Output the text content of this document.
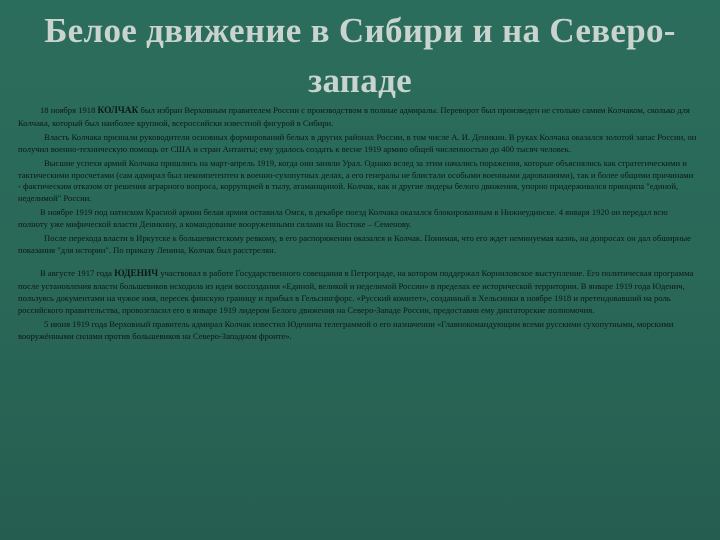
Белое движение в Сибири и на Северо-западе

18 ноября 1918 КОЛЧАК был избран Верховным правителем России с производством в полные адмиралы. Переворот был произведен не столько самим Колчаком, сколько для Колчака, который был наиболее крупной, всероссийски известной фигурой в Сибири.

Власть Колчака признали руководители основных формирований белых в других районах России, в том числе А. И. Деникин. В руках Колчака оказался золотой запас России, он получил военно-техническую помощь от США и стран Антанты; ему удалось создать к весне 1919 армию общей численностью до 400 тысяч человек.

Высшие успехи армий Колчака пришлись на март-апрель 1919, когда они заняли Урал. Однако вслед за этим начались поражения, которые объяснялись как стратегическими и тактическими просчетами (сам адмирал был некомпетентен в военно-сухопутных делах, а его генералы не блистали особыми военными дарованиями), так и более общими причинами - фактическим отказом от решения аграрного вопроса, коррупцией в тылу, атаманщиной. Колчак, как и другие лидеры белого движения, упорно придерживался принципа "единой, неделимой" России.

В ноябре 1919 под натиском Красной армии белая армия оставила Омск, в декабре поезд Колчака оказался блокированным в Нижнеудинске. 4 января 1920 он передал всю полноту уже мифической власти Деникину, а командование вооруженными силами на Востоке – Семенову.

После перехода власти в Иркутске к большевистскому ревкому, в его распоряжении оказался и Колчак. Понимая, что его ждет неминуемая казнь, на допросах он дал обширные показания "для истории". По приказу Ленина, Колчак был расстрелян.

В августе 1917 года ЮДЕНИЧ участвовал в работе Государственного совещания в Петрограде, на котором поддержал Корниловское выступление. Его политическая программа после установления власти большевиков исходила из идеи воссоздания «Единой, великой и неделимой России» в пределах ее исторической территории. В январе 1919 года Юденич, пользуясь документами на чужое имя, пересек финскую границу и прибыл в Гельсингфорс. «Русский комитет», созданный в Хельсинки в ноябре 1918 и претендовавший на роль российского правительства, провозгласил его в январе 1919 лидером Белого движения на Северо-Западе России, предоставив ему диктаторские полномочия.

5 июня 1919 года Верховный правитель адмирал Колчак известил Юденича телеграммой о его назначении «Главнокомандующим всеми русскими сухопутными, морскими вооружёнными силами против большевиков на Северо-Западном фронте».
